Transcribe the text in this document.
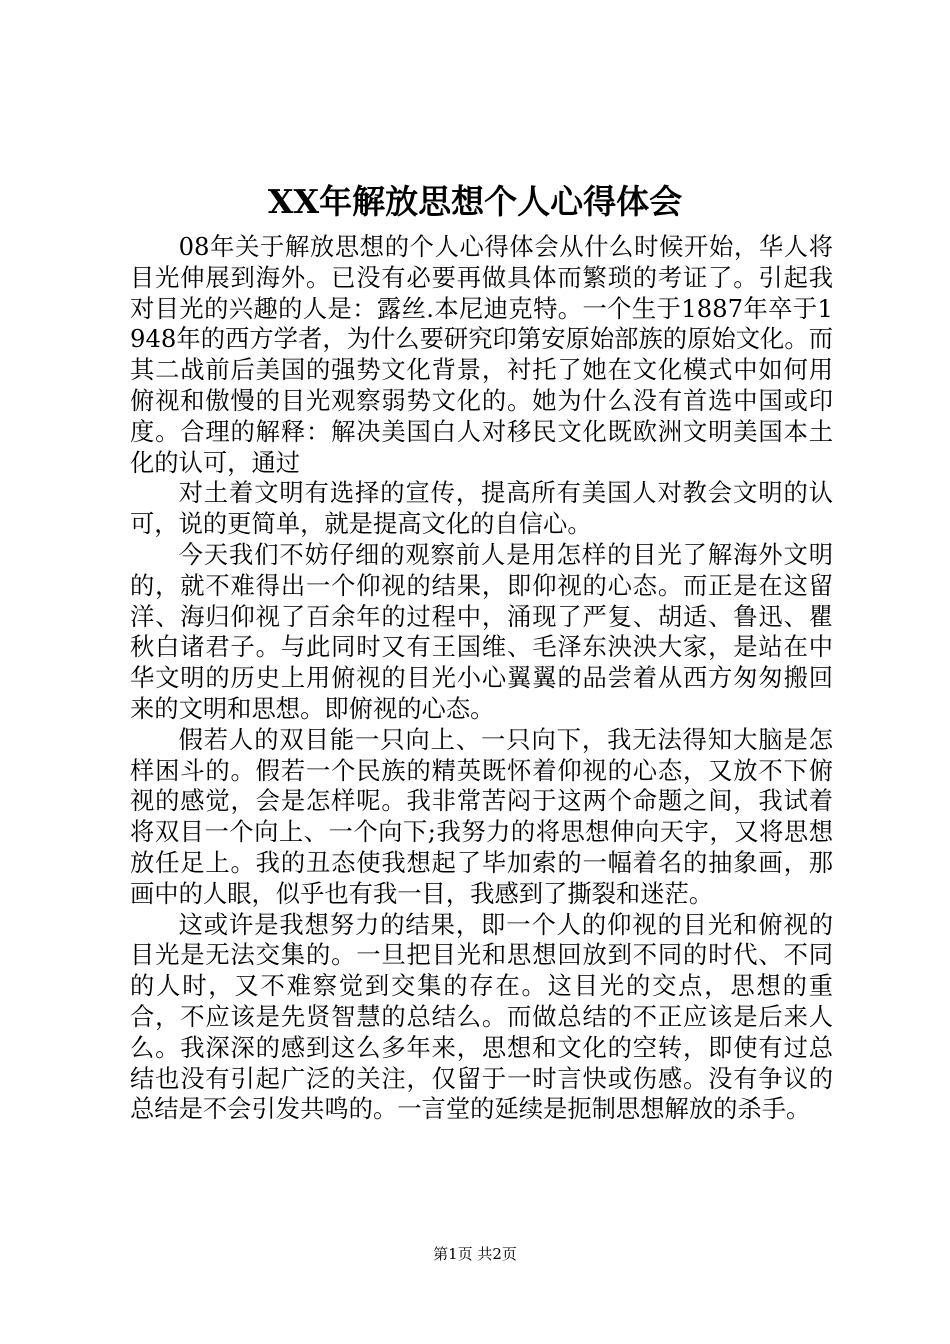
XX年解放思想个人心得体会

08年关于解放思想的个人心得体会从什么时候开始，华人将目光伸展到海外。已没有必要再做具体而繁琐的考证了。引起我对目光的兴趣的人是：露丝.本尼迪克特。一个生于1887年卒于1948年的西方学者，为什么要研究印第安原始部族的原始文化。而其二战前后美国的强势文化背景，衬托了她在文化模式中如何用俯视和傲慢的目光观察弱势文化的。她为什么没有首选中国或印度。合理的解释：解决美国白人对移民文化既欧洲文明美国本土化的认可，通过

对土着文明有选择的宣传，提高所有美国人对教会文明的认可，说的更简单，就是提高文化的自信心。

今天我们不妨仔细的观察前人是用怎样的目光了解海外文明的，就不难得出一个仰视的结果，即仰视的心态。而正是在这留洋、海归仰视了百余年的过程中，涌现了严复、胡适、鲁迅、瞿秋白诸君子。与此同时又有王国维、毛泽东泱泱大家，是站在中华文明的历史上用俯视的目光小心翼翼的品尝着从西方匆匆搬回来的文明和思想。即俯视的心态。

假若人的双目能一只向上、一只向下，我无法得知大脑是怎样困斗的。假若一个民族的精英既怀着仰视的心态，又放不下俯视的感觉，会是怎样呢。我非常苦闷于这两个命题之间，我试着将双目一个向上、一个向下;我努力的将思想伸向天宇，又将思想放任足上。我的丑态使我想起了毕加索的一幅着名的抽象画，那画中的人眼，似乎也有我一目，我感到了撕裂和迷茫。

这或许是我想努力的结果，即一个人的仰视的目光和俯视的目光是无法交集的。一旦把目光和思想回放到不同的时代、不同的人时，又不难察觉到交集的存在。这目光的交点，思想的重合，不应该是先贤智慧的总结么。而做总结的不正应该是后来人么。我深深的感到这么多年来，思想和文化的空转，即使有过总结也没有引起广泛的关注，仅留于一时言快或伤感。没有争议的总结是不会引发共鸣的。一言堂的延续是扼制思想解放的杀手。

第1页 共2页
